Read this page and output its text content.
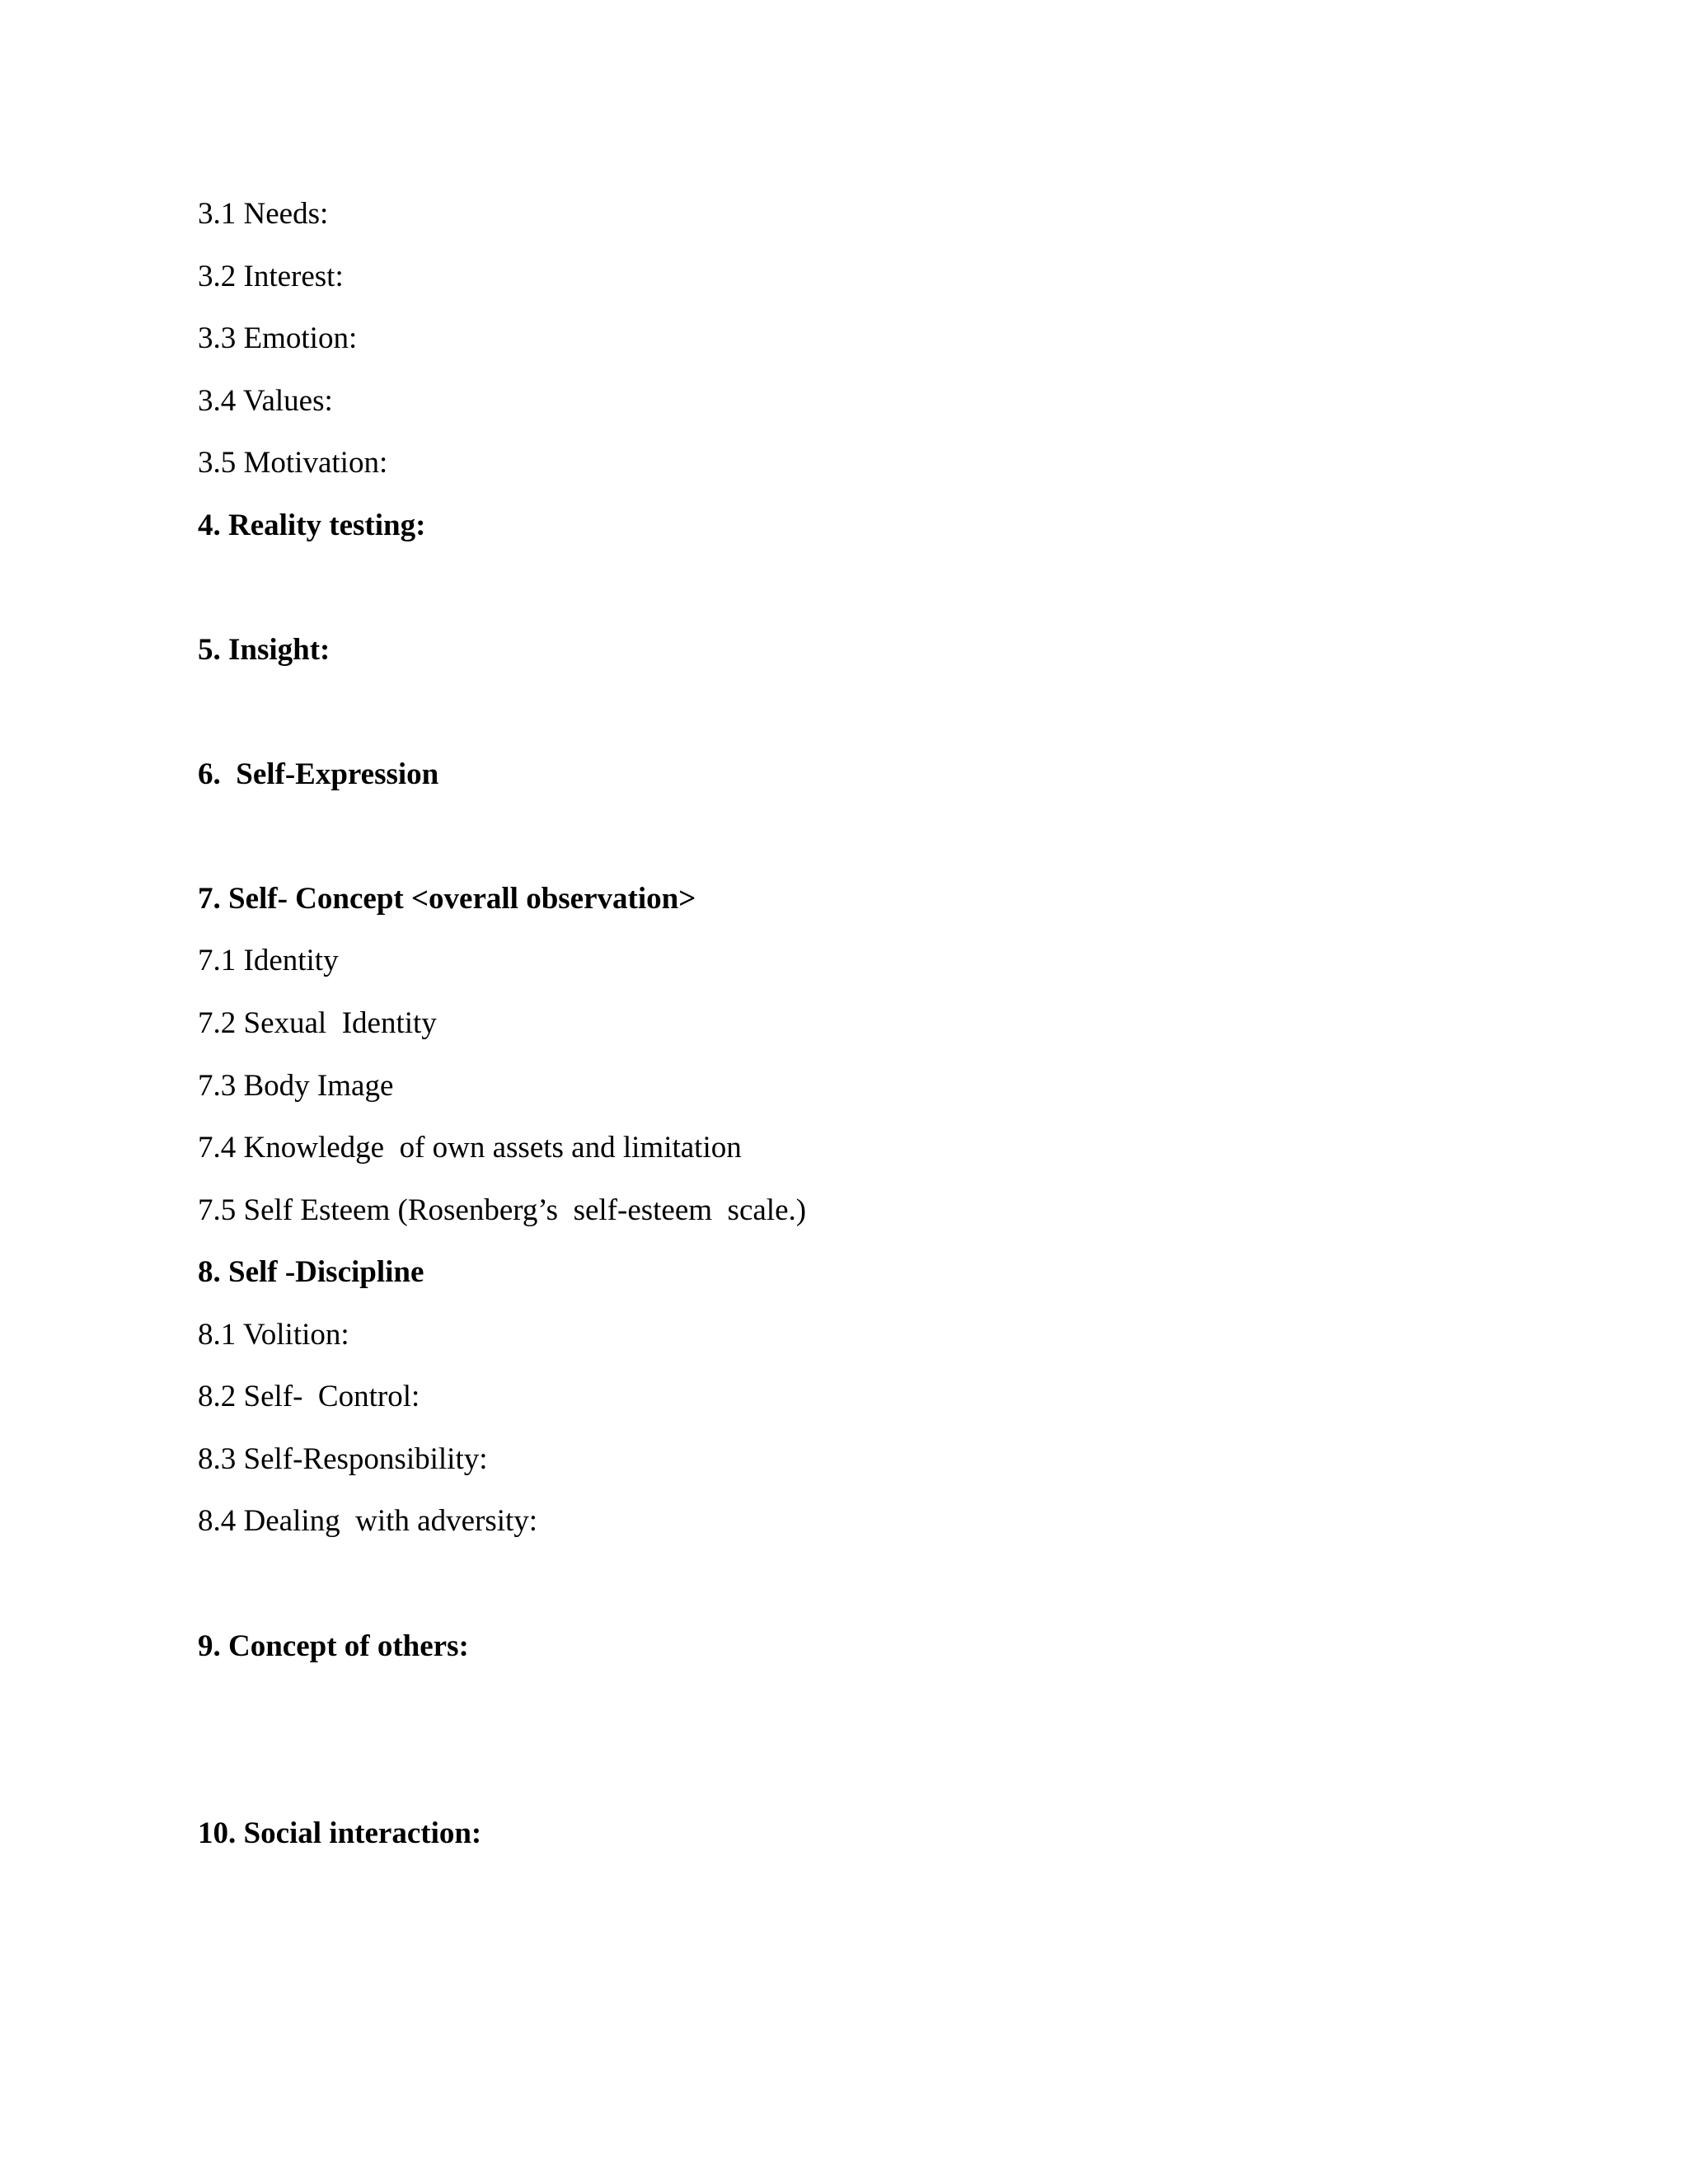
3.1 Needs:
3.2 Interest:
3.3 Emotion:
3.4 Values:
3.5 Motivation:
4. Reality testing:
5. Insight:
6.  Self-Expression
7. Self- Concept <overall observation>
7.1 Identity
7.2 Sexual  Identity
7.3 Body Image
7.4 Knowledge  of own assets and limitation
7.5 Self Esteem (Rosenberg’s  self-esteem  scale.)
8. Self -Discipline
8.1 Volition:
8.2 Self-  Control:
8.3 Self-Responsibility:
8.4 Dealing  with adversity:
9. Concept of others:
10. Social interaction:
